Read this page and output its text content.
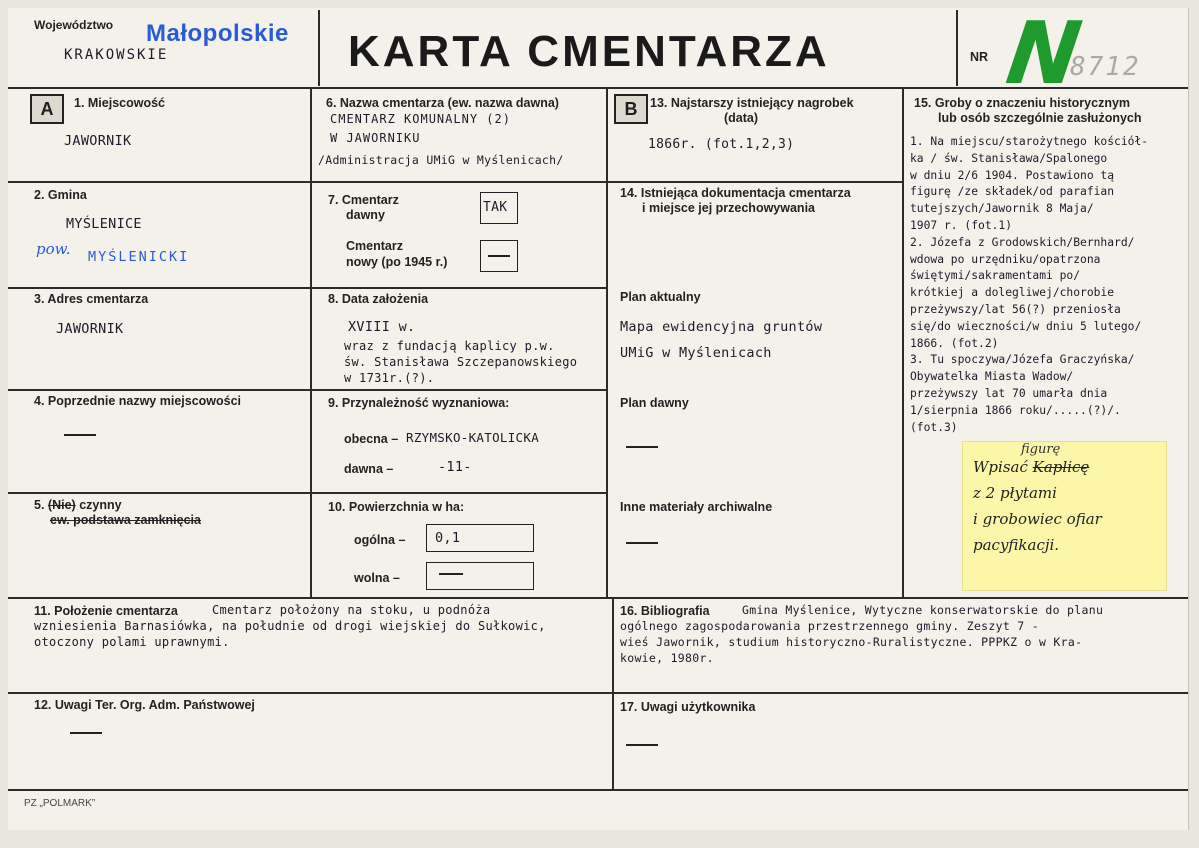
Województwo Małopolskie
KRAKOWSKIE	KARTA CMENTARZA	NR N
8712
A	1. Miejscowość
JAWORNIK
2. Gmina
MYŚLENICE
pow. MYŚLENICKI
3. Adres cmentarza
JAWORNIK
4. Poprzednie nazwy miejscowości
5. (Nie) czynny
ew. podstawa zamknięcia
6. Nazwa cmentarza (ew. nazwa dawna)
CMENTARZ KOMUNALNY (2)
W JAWORNIKU
/Administracja UMiG w Myślenicach/
7. Cmentarz
dawny	TAK
Cmentarz
nowy (po 1945 r.)
8. Data założenia
XVIII w.
wraz z fundacją kaplicy p.w.
św. Stanisława Szczepanowskiego
w 1731r.(?).
9. Przynależność wyznaniowa:
obecna – RZYMSKO-KATOLICKA
dawna –	-11-
10. Powierzchnia w ha:
ogólna – 0,1
wolna –
B	13. Najstarszy istniejący nagrobek
(data)
1866r. (fot.1,2,3)
14. Istniejąca dokumentacja cmentarza
i miejsce jej przechowywania
Plan aktualny
Mapa ewidencyjna gruntów
UMiG w Myślenicach
Plan dawny
Inne materiały archiwalne
15. Groby o znaczeniu historycznym
lub osób szczególnie zasłużonych
1. Na miejscu/starożytnego kościół-
ka / św. Stanisława/Spalonego
w dniu 2/6 1904. Postawiono tą
figurę /ze składek/od parafian
tutejszych/Jawornik 8 Maja/
1907 r. (fot.1)
2. Józefa z Grodowskich/Bernhard/
wdowa po urzędniku/opatrzona
świętymi/sakramentami po/
krótkiej a dolegliwej/chorobie
przeżywszy/lat 56(?) przeniosła
się/do wieczności/w dniu 5 lutego/
1866. (fot.2)
3. Tu spoczywa/Józefa Graczyńska/
Obywatelka Miasta Wadow/
przeżywszy lat 70 umarła dnia
1/sierpnia 1866 roku/.....(?)/.
(fot.3)
figurę
Wpisać Kaplicę
z 2 płytami
i grobowiec ofiar
pacyfikacji.
11. Położenie cmentarza	Cmentarz położony na stoku, u podnóża
wzniesienia Barnasiówka, na południe od drogi wiejskiej do Sułkowic,
otoczony polami uprawnymi.
16. Bibliografia	Gmina Myślenice, Wytyczne konserwatorskie do planu
ogólnego zagospodarowania przestrzennego gminy. Zeszyt 7 -
wieś Jawornik, studium historyczno-Ruralistyczne. PPPKZ o w Kra-
kowie, 1980r.
12. Uwagi Ter. Org. Adm. Państwowej	17. Uwagi użytkownika
PZ „POLMARK”
